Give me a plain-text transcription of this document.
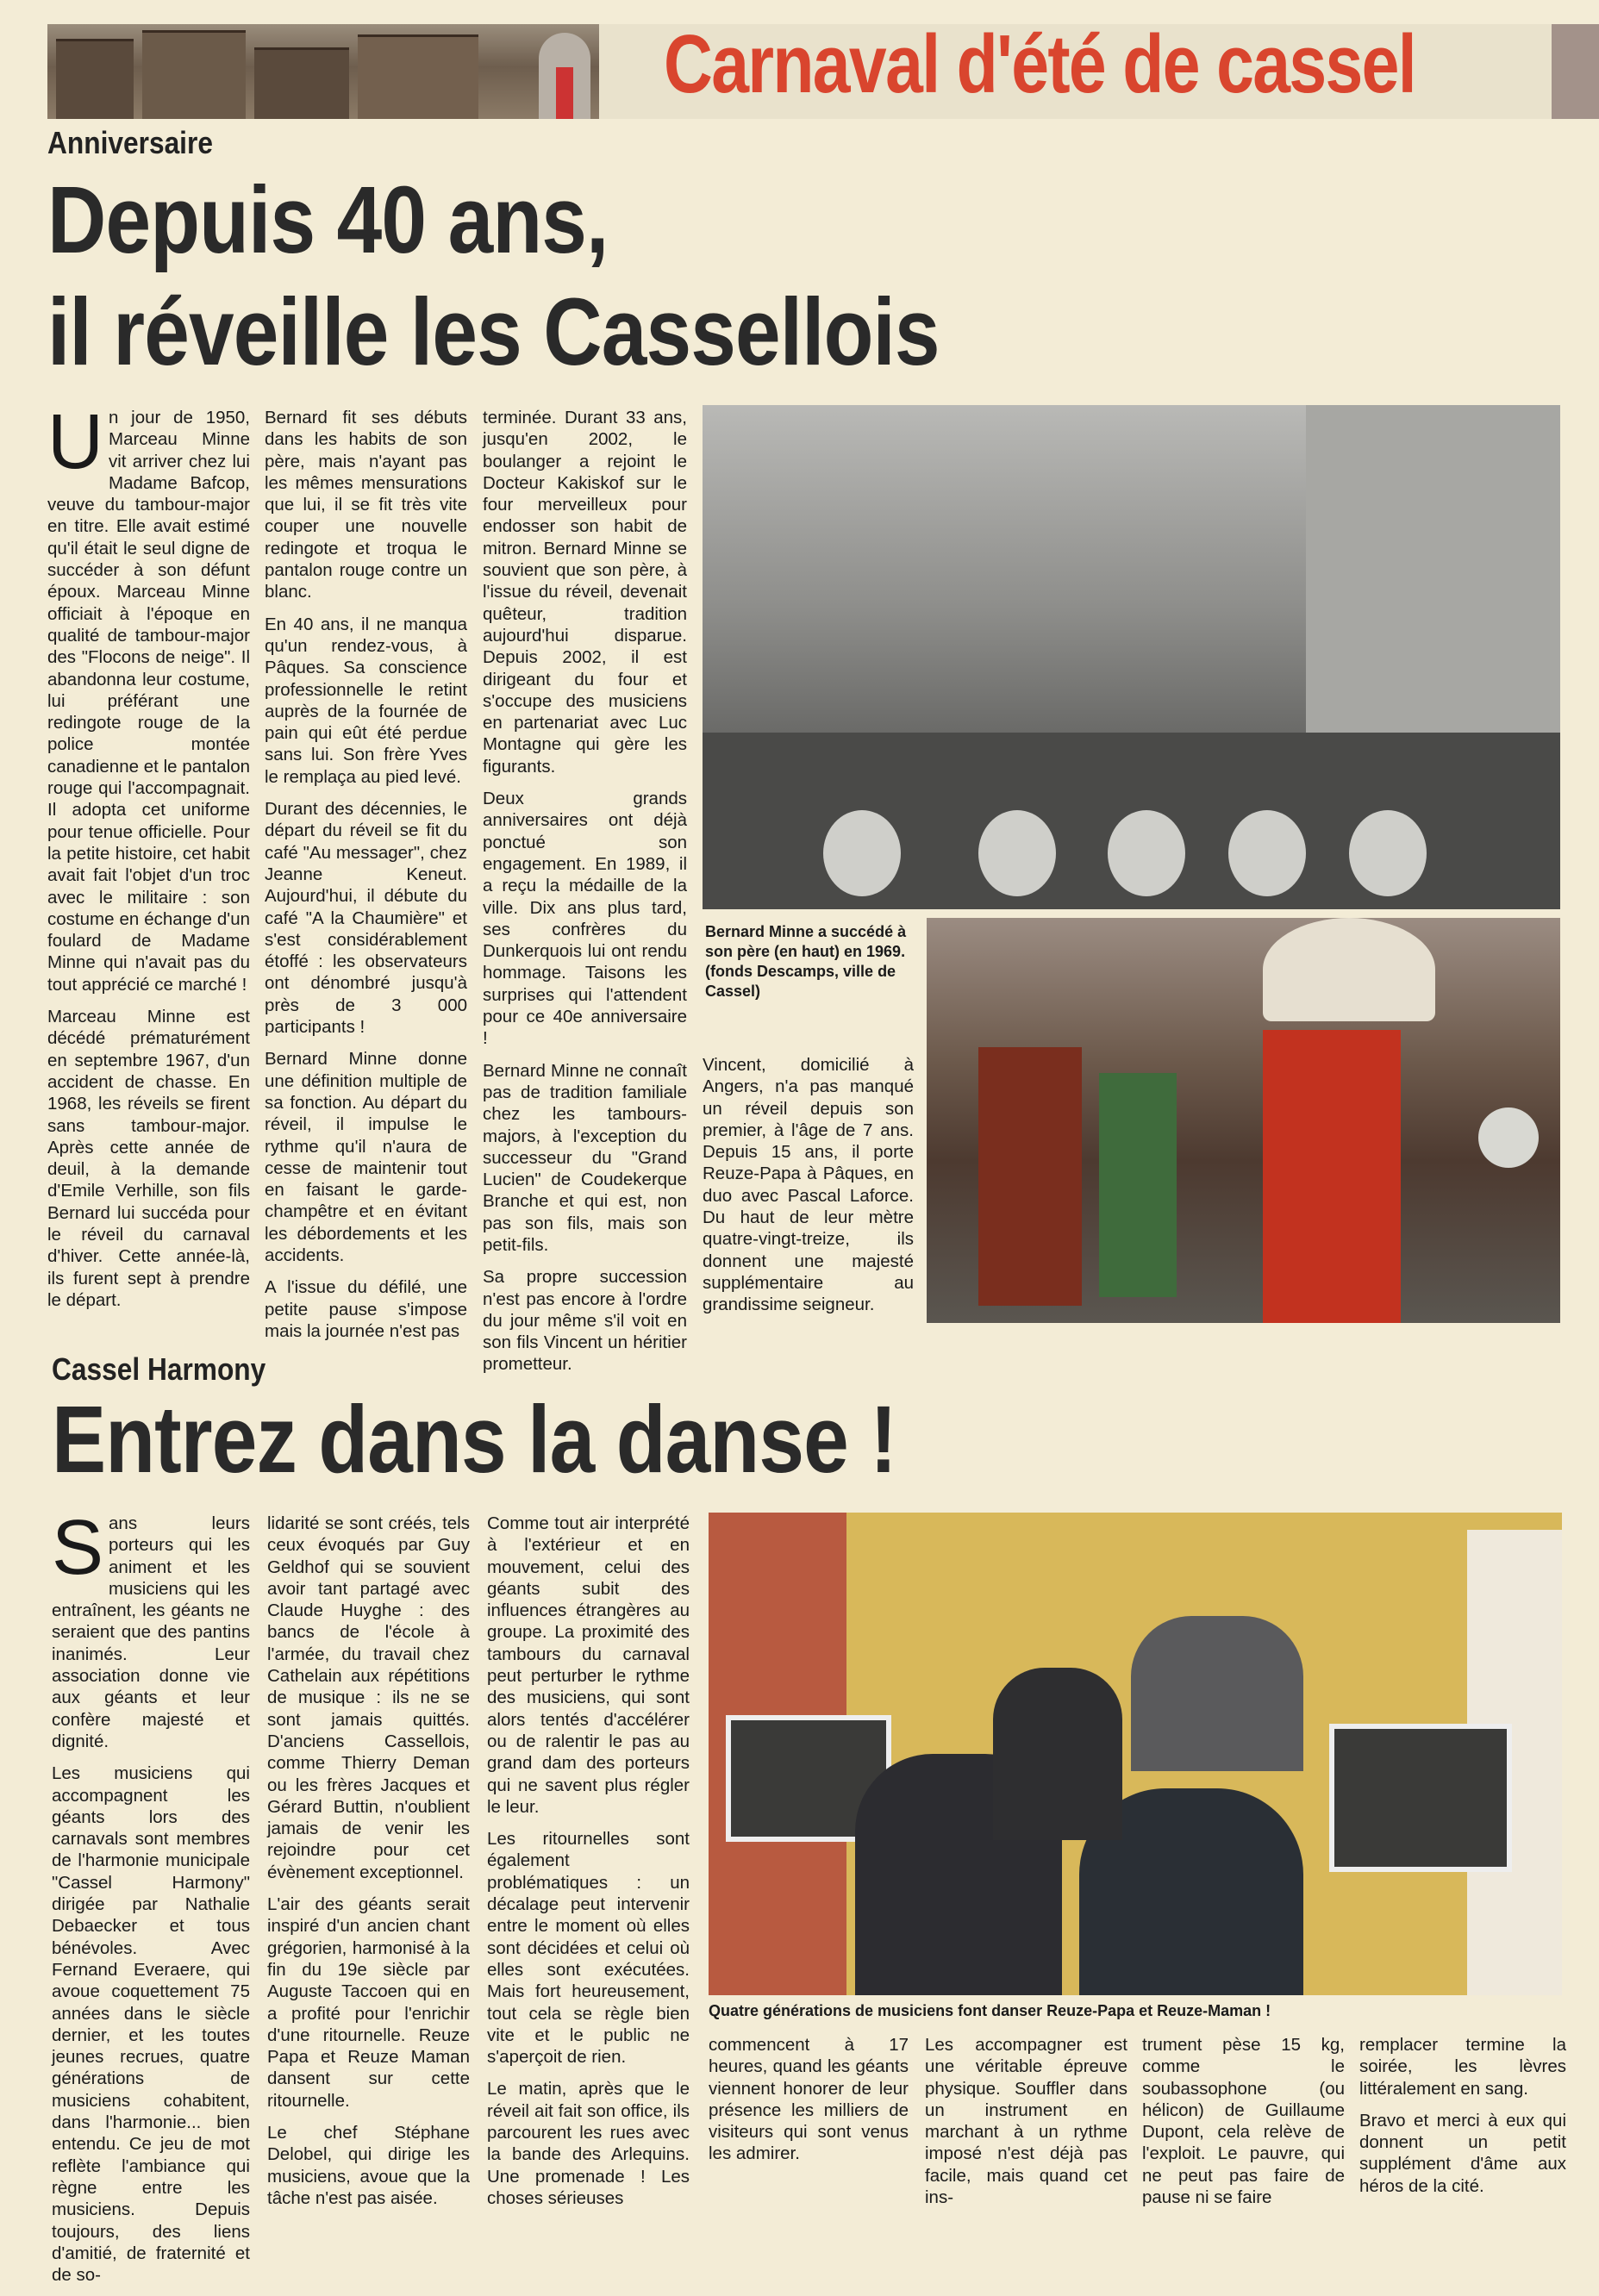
Carnaval d'été de cassel
Anniversaire
Depuis 40 ans,
il réveille les Cassellois

Un jour de 1950, Marceau Minne vit arriver chez lui Madame Bafcop, veuve du tambour-major en titre. Elle avait estimé qu'il était le seul digne de succéder à son défunt époux. Marceau Minne officiait à l'époque en qualité de tambour-major des "Flocons de neige". Il abandonna leur costume, lui préférant une redingote rouge de la police montée canadienne et le pantalon rouge qui l'accompagnait. Il adopta cet uniforme pour tenue officielle. Pour la petite histoire, cet habit avait fait l'objet d'un troc avec le militaire : son costume en échange d'un foulard de Madame Minne qui n'avait pas du tout apprécié ce marché !

Marceau Minne est décédé prématurément en septembre 1967, d'un accident de chasse. En 1968, les réveils se firent sans tambour-major. Après cette année de deuil, à la demande d'Emile Verhille, son fils Bernard lui succéda pour le réveil du carnaval d'hiver. Cette année-là, ils furent sept à prendre le départ.

Bernard fit ses débuts dans les habits de son père, mais n'ayant pas les mêmes mensurations que lui, il se fit très vite couper une nouvelle redingote et troqua le pantalon rouge contre un blanc.

En 40 ans, il ne manqua qu'un rendez-vous, à Pâques. Sa conscience professionnelle le retint auprès de la fournée de pain qui eût été perdue sans lui. Son frère Yves le remplaça au pied levé.

Durant des décennies, le départ du réveil se fit du café "Au messager", chez Jeanne Keneut. Aujourd'hui, il débute du café "A la Chaumière" et s'est considérablement étoffé : les observateurs ont dénombré jusqu'à près de 3 000 participants !

Bernard Minne donne une définition multiple de sa fonction. Au départ du réveil, il impulse le rythme qu'il n'aura de cesse de maintenir tout en faisant le garde-champêtre et en évitant les débordements et les accidents.

A l'issue du défilé, une petite pause s'impose mais la journée n'est pas

terminée. Durant 33 ans, jusqu'en 2002, le boulanger a rejoint le Docteur Kakiskof sur le four merveilleux pour endosser son habit de mitron. Bernard Minne se souvient que son père, à l'issue du réveil, devenait quêteur, tradition aujourd'hui disparue. Depuis 2002, il est dirigeant du four et s'occupe des musiciens en partenariat avec Luc Montagne qui gère les figurants.

Deux grands anniversaires ont déjà ponctué son engagement. En 1989, il a reçu la médaille de la ville. Dix ans plus tard, ses confrères du Dunkerquois lui ont rendu hommage. Taisons les surprises qui l'attendent pour ce 40e anniversaire !

Bernard Minne ne connaît pas de tradition familiale chez les tambours-majors, à l'exception du successeur du "Grand Lucien" de Coudekerque Branche et qui est, non pas son fils, mais son petit-fils.

Sa propre succession n'est pas encore à l'ordre du jour même s'il voit en son fils Vincent un héritier prometteur.

Bernard Minne a succédé à son père (en haut) en 1969. (fonds Descamps, ville de Cassel)

Vincent, domicilié à Angers, n'a pas manqué un réveil depuis son premier, à l'âge de 7 ans. Depuis 15 ans, il porte Reuze-Papa à Pâques, en duo avec Pascal Laforce. Du haut de leur mètre quatre-vingt-treize, ils donnent une majesté supplémentaire au grandissime seigneur.

Cassel Harmony
Entrez dans la danse !

Sans leurs porteurs qui les animent et les musiciens qui les entraînent, les géants ne seraient que des pantins inanimés. Leur association donne vie aux géants et leur confère majesté et dignité.

Les musiciens qui accompagnent les géants lors des carnavals sont membres de l'harmonie municipale "Cassel Harmony" dirigée par Nathalie Debaecker et tous bénévoles. Avec Fernand Everaere, qui avoue coquettement 75 années dans le siècle dernier, et les toutes jeunes recrues, quatre générations de musiciens cohabitent, dans l'harmonie... bien entendu. Ce jeu de mot reflète l'ambiance qui règne entre les musiciens. Depuis toujours, des liens d'amitié, de fraternité et de so-

lidarité se sont créés, tels ceux évoqués par Guy Geldhof qui se souvient avoir tant partagé avec Claude Huyghe : des bancs de l'école à l'armée, du travail chez Cathelain aux répétitions de musique : ils ne se sont jamais quittés. D'anciens Cassellois, comme Thierry Deman ou les frères Jacques et Gérard Buttin, n'oublient jamais de venir les rejoindre pour cet évènement exceptionnel.

L'air des géants serait inspiré d'un ancien chant grégorien, harmonisé à la fin du 19e siècle par Auguste Taccoen qui en a profité pour l'enrichir d'une ritournelle. Reuze Papa et Reuze Maman dansent sur cette ritournelle.

Le chef Stéphane Delobel, qui dirige les musiciens, avoue que la tâche n'est pas aisée.

Comme tout air interprété à l'extérieur et en mouvement, celui des géants subit des influences étrangères au groupe. La proximité des tambours du carnaval peut perturber le rythme des musiciens, qui sont alors tentés d'accélérer ou de ralentir le pas au grand dam des porteurs qui ne savent plus régler le leur.

Les ritournelles sont également problématiques : un décalage peut intervenir entre le moment où elles sont décidées et celui où elles sont exécutées. Mais fort heureusement, tout cela se règle bien vite et le public ne s'aperçoit de rien.

Le matin, après que le réveil ait fait son office, ils parcourent les rues avec la bande des Arlequins. Une promenade ! Les choses sérieuses

Quatre générations de musiciens font danser Reuze-Papa et Reuze-Maman !

commencent à 17 heures, quand les géants viennent honorer de leur présence les milliers de visiteurs qui sont venus les admirer.

Les accompagner est une véritable épreuve physique. Souffler dans un instrument en marchant à un rythme imposé n'est déjà pas facile, mais quand cet ins-

trument pèse 15 kg, comme le soubassophone (ou hélicon) de Guillaume Dupont, cela relève de l'exploit. Le pauvre, qui ne peut pas faire de pause ni se faire

remplacer termine la soirée, les lèvres littéralement en sang.

Bravo et merci à eux qui donnent un petit supplément d'âme aux héros de la cité.
